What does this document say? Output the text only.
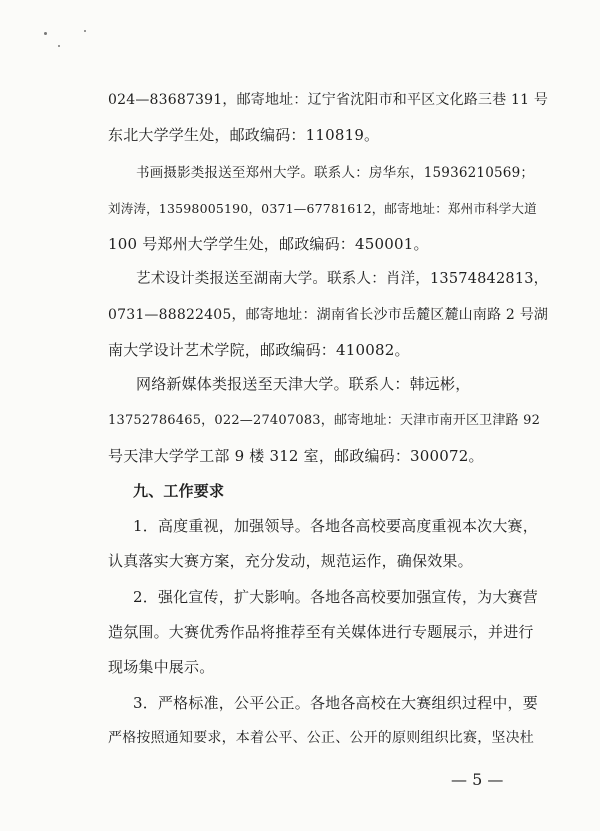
024—83687391，邮寄地址：辽宁省沈阳市和平区文化路三巷 11 号
东北大学学生处，邮政编码：110819。
书画摄影类报送至郑州大学。联系人：房华东，15936210569；
刘涛涛，13598005190，0371—67781612，邮寄地址：郑州市科学大道
100 号郑州大学学生处，邮政编码：450001。
艺术设计类报送至湖南大学。联系人：肖洋，13574842813，
0731—88822405，邮寄地址：湖南省长沙市岳麓区麓山南路 2 号湖
南大学设计艺术学院，邮政编码：410082。
网络新媒体类报送至天津大学。联系人：韩远彬，
13752786465，022—27407083，邮寄地址：天津市南开区卫津路 92
号天津大学学工部 9 楼 312 室，邮政编码：300072。
九、工作要求
1．高度重视，加强领导。各地各高校要高度重视本次大赛，
认真落实大赛方案，充分发动，规范运作，确保效果。
2．强化宣传，扩大影响。各地各高校要加强宣传，为大赛营
造氛围。大赛优秀作品将推荐至有关媒体进行专题展示，并进行
现场集中展示。
3．严格标准，公平公正。各地各高校在大赛组织过程中，要
严格按照通知要求，本着公平、公正、公开的原则组织比赛，坚决杜
— 5 —
